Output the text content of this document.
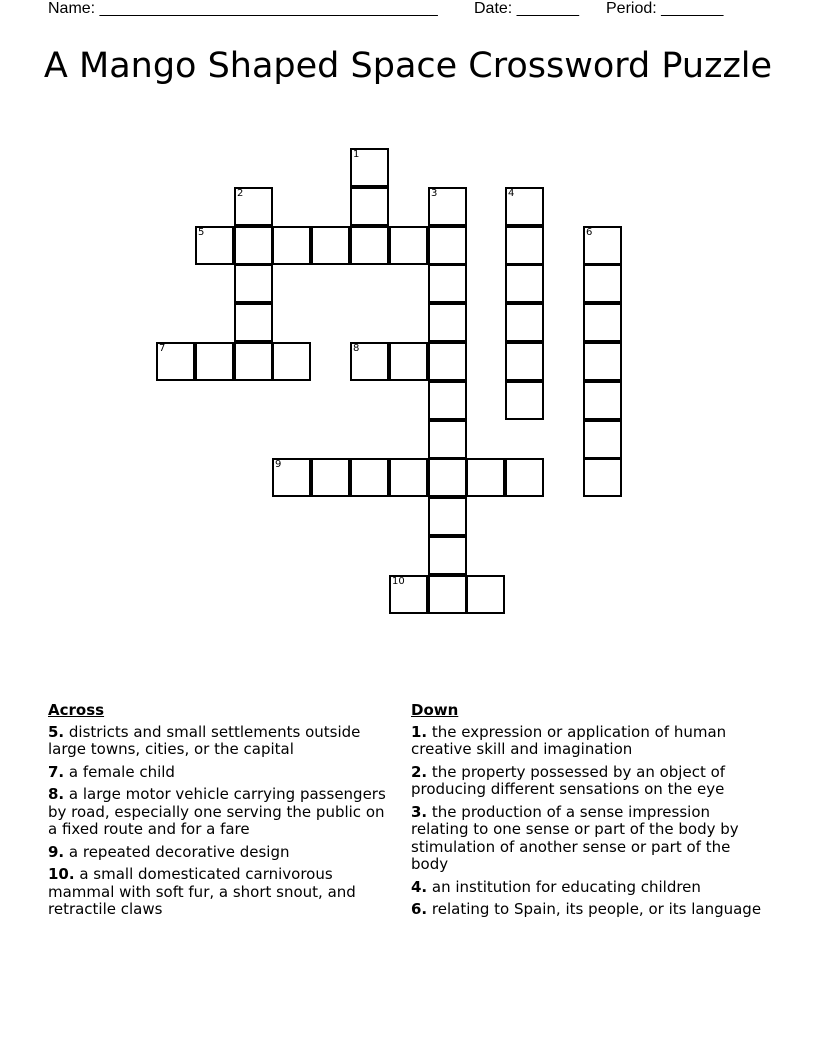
Name: ______________________________________ Date: _______ Period: _______
A Mango Shaped Space Crossword Puzzle
1
2	3	4
5	6
7	8
9
10
Across
5. districts and small settlements outside large towns, cities, or the capital
7. a female child
8. a large motor vehicle carrying passengers by road, especially one serving the public on a fixed route and for a fare
9. a repeated decorative design
10. a small domesticated carnivorous mammal with soft fur, a short snout, and retractile claws
Down
1. the expression or application of human creative skill and imagination
2. the property possessed by an object of producing different sensations on the eye
3. the production of a sense impression relating to one sense or part of the body by stimulation of another sense or part of the body
4. an institution for educating children
6. relating to Spain, its people, or its language
